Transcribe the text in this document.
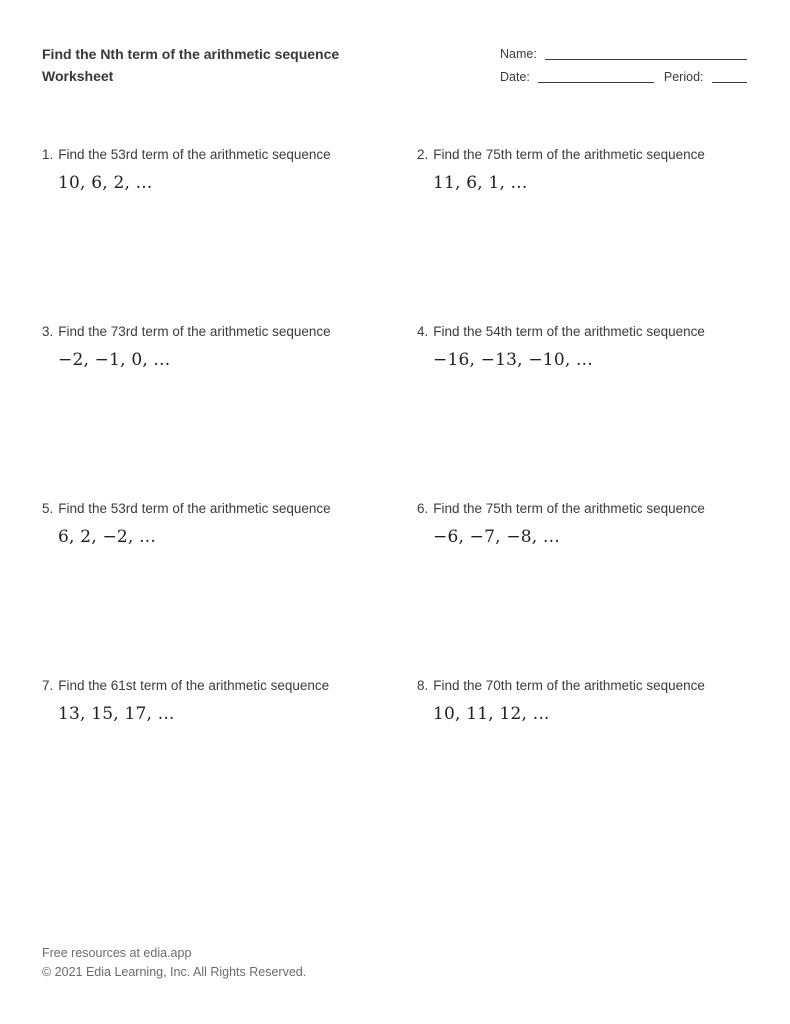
Find the Nth term of the arithmetic sequence
Worksheet
Name:
Date:	Period:
1. Find the 53rd term of the arithmetic sequence
10, 6, 2, ...
2. Find the 75th term of the arithmetic sequence
11, 6, 1, ...
3. Find the 73rd term of the arithmetic sequence
−2, −1, 0, ...
4. Find the 54th term of the arithmetic sequence
−16, −13, −10, ...
5. Find the 53rd term of the arithmetic sequence
6, 2, −2, ...
6. Find the 75th term of the arithmetic sequence
−6, −7, −8, ...
7. Find the 61st term of the arithmetic sequence
13, 15, 17, ...
8. Find the 70th term of the arithmetic sequence
10, 11, 12, ...
Free resources at edia.app
© 2021 Edia Learning, Inc. All Rights Reserved.
